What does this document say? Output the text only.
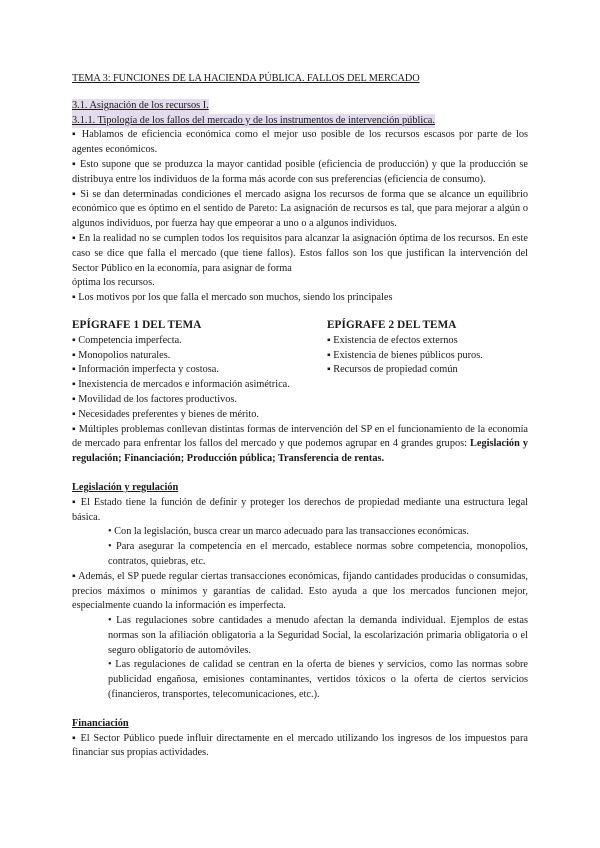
TEMA 3: FUNCIONES DE LA HACIENDA PÚBLICA. FALLOS DEL MERCADO
3.1. Asignación de los recursos I.
3.1.1. Tipología de los fallos del mercado y de los instrumentos de intervención pública.

▪ Hablamos de eficiencia económica como el mejor uso posible de los recursos escasos por parte de los agentes económicos.

▪ Esto supone que se produzca la mayor cantidad posible (eficiencia de producción) y que la producción se distribuya entre los individuos de la forma más acorde con sus preferencias (eficiencia de consumo).

▪ Si se dan determinadas condiciones el mercado asigna los recursos de forma que se alcance un equilibrio económico que es óptimo en el sentido de Pareto: La asignación de recursos es tal, que para mejorar a algún o algunos individuos, por fuerza hay que empeorar a uno o a algunos individuos.

▪ En la realidad no se cumplen todos los requisitos para alcanzar la asignación óptima de los recursos. En este caso se dice que falla el mercado (que tiene fallos). Estos fallos son los que justifican la intervención del Sector Público en la economía, para asignar de forma

óptima los recursos.

▪ Los motivos por los que falla el mercado son muchos, siendo los principales

EPÍGRAFE 1 DEL TEMA
▪ Competencia imperfecta.
▪ Monopolios naturales.
▪ Información imperfecta y costosa.
▪ Inexistencia de mercados e información asimétrica.
▪ Movilidad de los factores productivos.
▪ Necesidades preferentes y bienes de mérito.
EPÍGRAFE 2 DEL TEMA
▪ Existencia de efectos externos
▪ Existencia de bienes públicos puros.
▪ Recursos de propiedad común

▪ Múltiples problemas conllevan distintas formas de intervención del SP en el funcionamiento de la economía de mercado para enfrentar los fallos del mercado y que podemos agrupar en 4 grandes grupos: Legislación y regulación; Financiación; Producción pública; Transferencia de rentas.

Legislación y regulación

▪ El Estado tiene la función de definir y proteger los derechos de propiedad mediante una estructura legal básica.

• Con la legislación, busca crear un marco adecuado para las transacciones económicas.

• Para asegurar la competencia en el mercado, establece normas sobre competencia, monopolios, contratos, quiebras, etc.

▪ Además, el SP puede regular ciertas transacciones económicas, fijando cantidades producidas o consumidas, precios máximos o mínimos y garantías de calidad. Esto ayuda a que los mercados funcionen mejor, especialmente cuando la información es imperfecta.

• Las regulaciones sobre cantidades a menudo afectan la demanda individual. Ejemplos de estas normas son la afiliación obligatoria a la Seguridad Social, la escolarización primaria obligatoria o el seguro obligatorio de automóviles.

• Las regulaciones de calidad se centran en la oferta de bienes y servicios, como las normas sobre publicidad engañosa, emisiones contaminantes, vertidos tóxicos o la oferta de ciertos servicios (financieros, transportes, telecomunicaciones, etc.).

Financiación

▪ El Sector Público puede influir directamente en el mercado utilizando los ingresos de los impuestos para financiar sus propias actividades.
